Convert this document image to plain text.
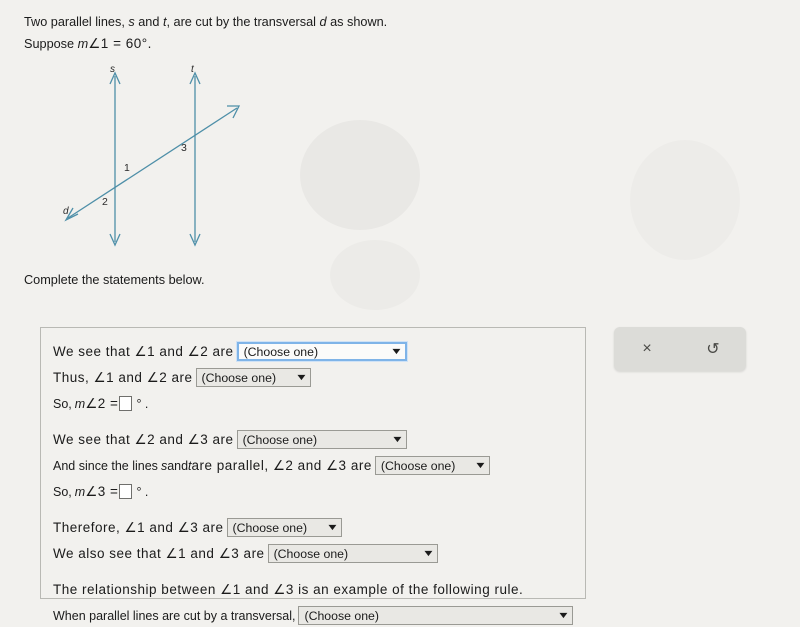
Two parallel lines, s and t, are cut by the transversal d as shown.
Suppose m∠1 = 60°.
s	t
d
1
2
3
Complete the statements below.
We see that ∠1 and ∠2 are (Choose one)	▼
Thus, ∠1 and ∠2 are (Choose one) ▼
So, m ∠2 = ° .
We see that ∠2 and ∠3 are (Choose one)	▼
And since the lines s and t are parallel, ∠2 and ∠3 are (Choose one) ▼
So, m ∠3 = ° .
Therefore, ∠1 and ∠3 are (Choose one) ▼
We also see that ∠1 and ∠3 are (Choose one)	▼
The relationship between ∠1 and ∠3 is an example of the following rule.
When parallel lines are cut by a transversal, (Choose one)	▼
×	↺
